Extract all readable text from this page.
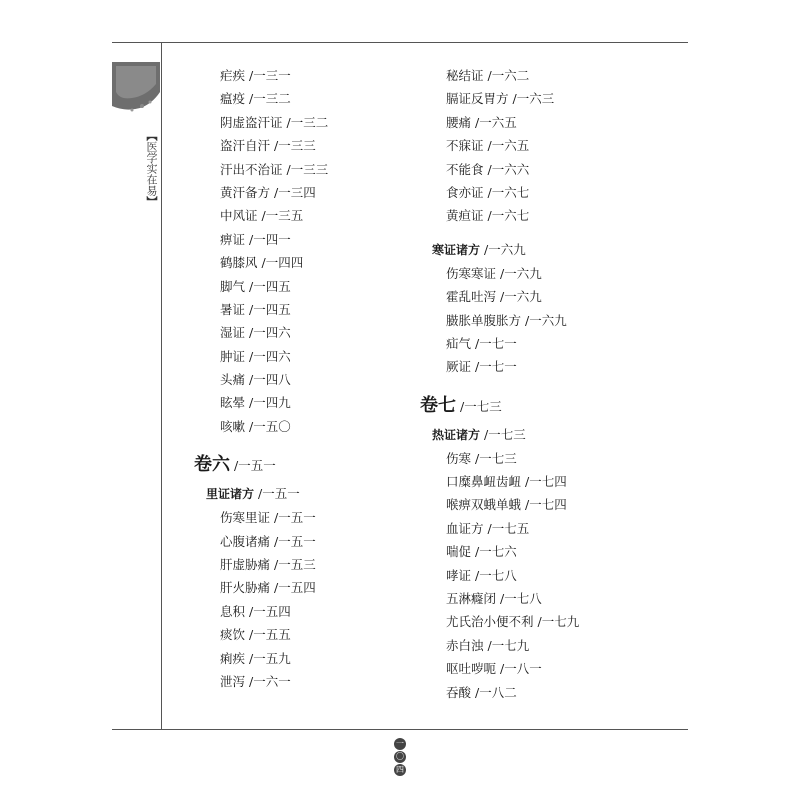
【医学实在易】
疟疾 /一三一
瘟疫 /一三二
阴虚盗汗证 /一三二
盗汗自汗 /一三三
汗出不治证 /一三三
黄汗备方 /一三四
中风证 /一三五
痹证 /一四一
鹤膝风 /一四四
脚气 /一四五
暑证 /一四五
湿证 /一四六
肿证 /一四六
头痛 /一四八
眩晕 /一四九
咳嗽 /一五〇
卷六 /一五一
里证诸方 /一五一
伤寒里证 /一五一
心腹诸痛 /一五一
肝虚胁痛 /一五三
肝火胁痛 /一五四
息积 /一五四
痰饮 /一五五
痢疾 /一五九
泄泻 /一六一
秘结证 /一六二
膈证反胃方 /一六三
腰痛 /一六五
不寐证 /一六五
不能食 /一六六
食亦证 /一六七
黄疸证 /一六七
寒证诸方 /一六九
伤寒寒证 /一六九
霍乱吐泻 /一六九
臌胀单腹胀方 /一六九
疝气 /一七一
厥证 /一七一
卷七 /一七三
热证诸方 /一七三
伤寒 /一七三
口糜鼻衄齿衄 /一七四
喉痹双蛾单蛾 /一七四
血证方 /一七五
喘促 /一七六
哮证 /一七八
五淋癃闭 /一七八
尤氏治小便不利 /一七九
赤白浊 /一七九
呕吐哕呃 /一八一
吞酸 /一八二
一
〇
四
